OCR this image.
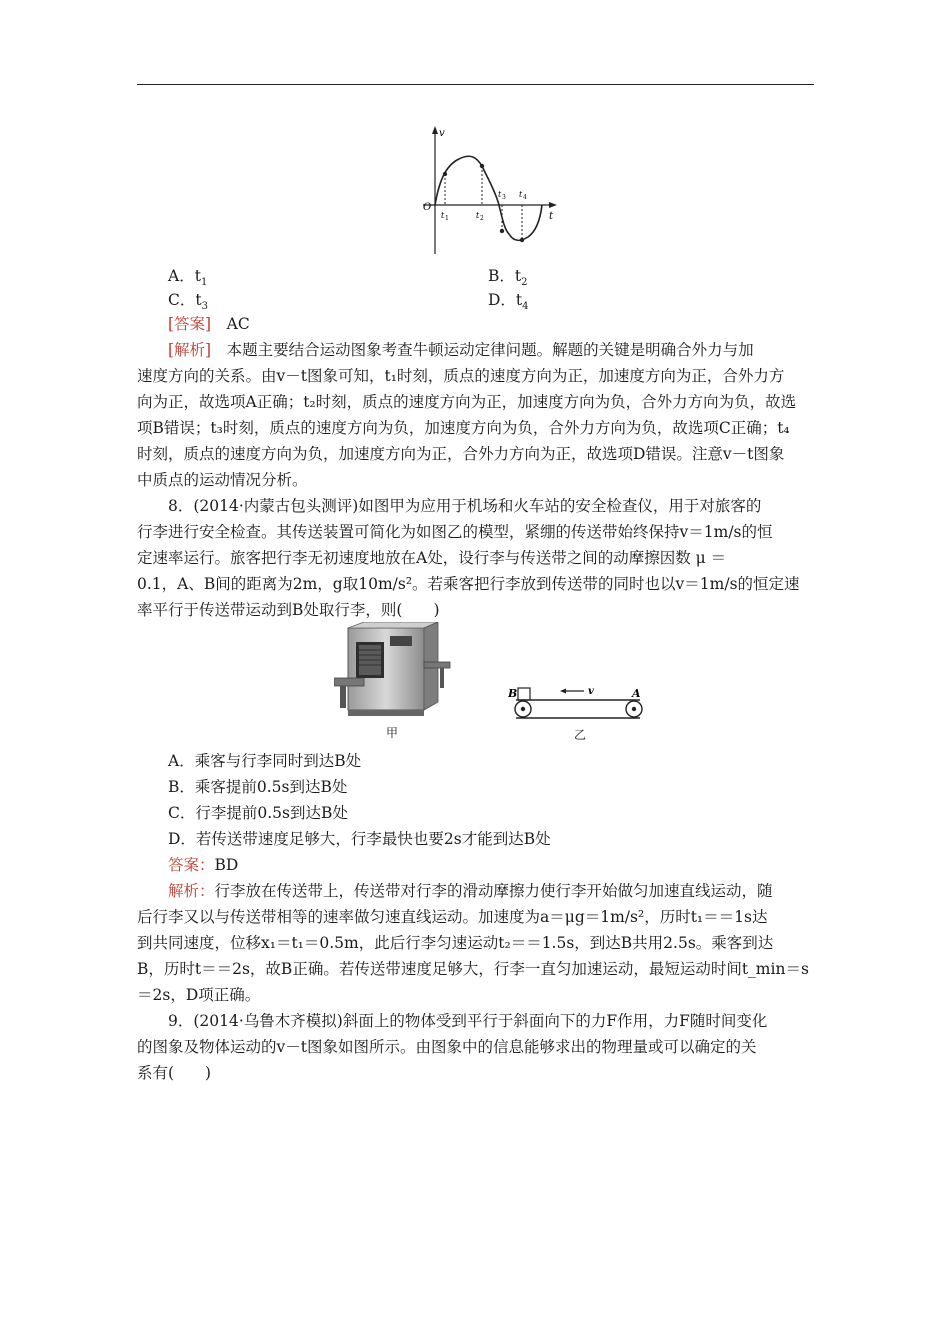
v
t
O
t 1	t 2
t 3 t 4
A．$t_1$	B．$t_2$
C．$t_3$	D．$t_4$
[答案]　 AC
[解析]　 本题主要结合运动图象考查牛顿运动定律问题。解题的关键是明确合外力与加
速度方向的关系。由v－t图象可知，t₁时刻，质点的速度方向为正，加速度方向为正，合外力方
向为正，故选项A正确；t₂时刻，质点的速度方向为正，加速度方向为负，合外力方向为负，故选
项B错误；t₃时刻，质点的速度方向为负，加速度方向为负，合外力方向为负，故选项C正确；t₄
时刻，质点的速度方向为负，加速度方向为正，合外力方向为正，故选项D错误。注意v－t图象
中质点的运动情况分析。
8．(2014·内蒙古包头测评)如图甲为应用于机场和火车站的安全检查仪，用于对旅客的
行李进行安全检查。其传送装置可简化为如图乙的模型，紧绷的传送带始终保持v＝1m/s的恒
定速率运行。旅客把行李无初速度地放在A处，设行李与传送带之间的动摩擦因数 μ ＝
0.1，A、B间的距离为2m，g取10m/s²。若乘客把行李放到传送带的同时也以v＝1m/s的恒定速
率平行于传送带运动到B处取行李，则(　　)
甲
B	A
v
乙
A．乘客与行李同时到达B处
B．乘客提前0.5s到达B处
C．行李提前0.5s到达B处
D．若传送带速度足够大，行李最快也要2s才能到达B处
答案：BD
解析：行李放在传送带上，传送带对行李的滑动摩擦力使行李开始做匀加速直线运动，随
后行李又以与传送带相等的速率做匀速直线运动。加速度为a＝μg＝1m/s²，历时t₁＝＝1s达
到共同速度，位移x₁＝t₁＝0.5m，此后行李匀速运动t₂＝＝1.5s，到达B共用2.5s。乘客到达
B，历时t＝＝2s，故B正确。若传送带速度足够大，行李一直匀加速运动，最短运动时间t_min＝s
＝2s，D项正确。
9．(2014·乌鲁木齐模拟)斜面上的物体受到平行于斜面向下的力F作用，力F随时间变化
的图象及物体运动的v－t图象如图所示。由图象中的信息能够求出的物理量或可以确定的关
系有(　　)
